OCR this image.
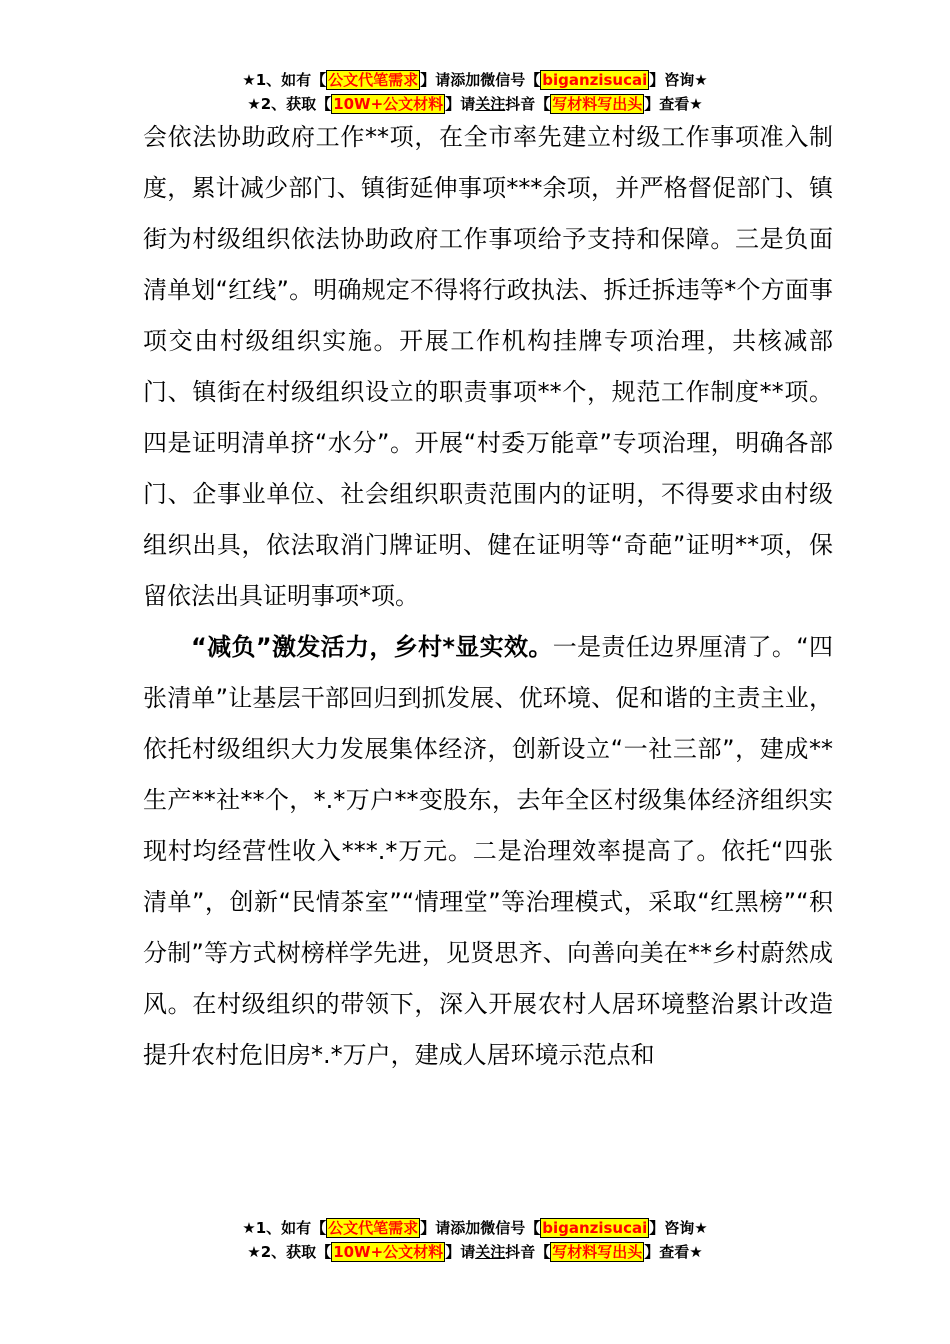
★1、如有【 公文代笔需求 】请添加微信号【 biganzisucai 】咨询★
★2、获取【 10W+公文材料 】请关注抖音【 写材料写出头 】查看★

会依法协助政府工作**项，在全市率先建立村级工作事项准入制度，累计减少部门、镇街延伸事项***余项，并严格督促部门、镇街为村级组织依法协助政府工作事项给予支持和保障。三是负面清单划“红线”。明确规定不得将行政执法、拆迁拆违等*个方面事项交由村级组织实施。开展工作机构挂牌专项治理，共核减部门、镇街在村级组织设立的职责事项**个，规范工作制度**项。四是证明清单挤“水分”。开展“村委万能章”专项治理，明确各部门、企事业单位、社会组织职责范围内的证明，不得要求由村级组织出具，依法取消门牌证明、健在证明等“奇葩”证明**项，保留依法出具证明事项*项。

“减负”激发活力，乡村*显实效。一是责任边界厘清了。“四张清单”让基层干部回归到抓发展、优环境、促和谐的主责主业，依托村级组织大力发展集体经济，创新设立“一社三部”，建成**生产**社**个，*.*万户**变股东，去年全区村级集体经济组织实现村均经营性收入***.*万元。二是治理效率提高了。依托“四张清单”，创新“民情茶室”“情理堂”等治理模式，采取“红黑榜”“积分制”等方式树榜样学先进，见贤思齐、向善向美在**乡村蔚然成风。在村级组织的带领下，深入开展农村人居环境整治累计改造提升农村危旧房*.*万户，建成人居环境示范点和

★1、如有【 公文代笔需求 】请添加微信号【 biganzisucai 】咨询★
★2、获取【 10W+公文材料 】请关注抖音【 写材料写出头 】查看★
